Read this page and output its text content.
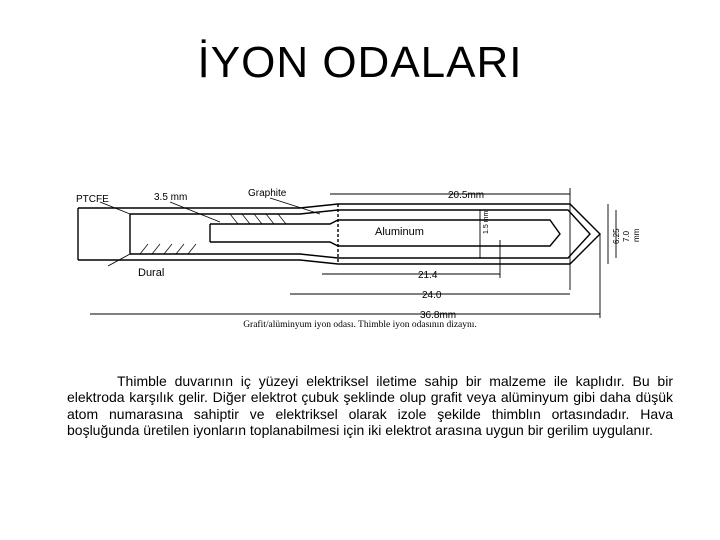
İYON ODALARI
PTCFE	3.5 mm	Graphite
Aluminum
Dural
20.5mm
21.4
24.0
36.8mm
1.5 mm
6.25 7.0 mm
Grafit/alüminyum iyon odası. Thimble iyon odasının dizaynı.
Thimble duvarının iç yüzeyi elektriksel iletime sahip bir malzeme ile kaplıdır. Bu bir elektroda karşılık gelir. Diğer elektrot çubuk şeklinde olup grafit veya alüminyum gibi daha düşük atom numarasına sahiptir ve elektriksel olarak izole şekilde thimblın ortasındadır. Hava boşluğunda üretilen iyonların toplanabilmesi için iki elektrot arasına uygun bir gerilim uygulanır.
